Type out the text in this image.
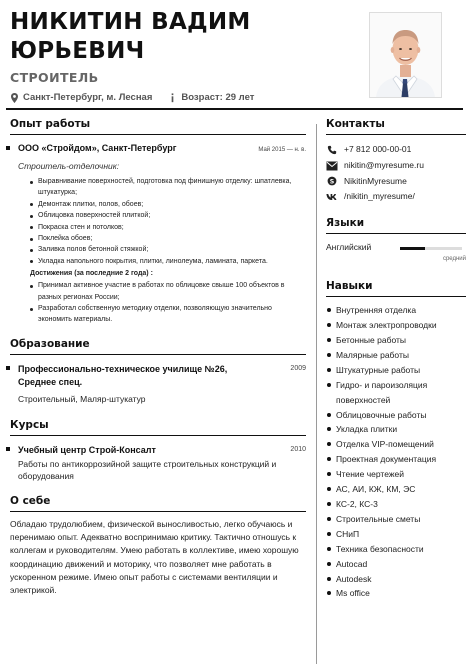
НИКИТИН ВАДИМ
ЮРЬЕВИЧ
СТРОИТЕЛЬ
Санкт-Петербург, м. Лесная	Возраст: 29 лет
Опыт работы
ООО «Стройдом», Санкт-Петербург	Май 2015 — н. в.
Строитель-отделочник:
Выравнивание поверхностей, подготовка под финишную отделку: шпатлевка, штукатурка;
Демонтаж плитки, полов, обоев;
Облицовка поверхностей плиткой;
Покраска стен и потолков;
Поклейка обоев;
Заливка полов бетонной стяжкой;
Укладка напольного покрытия, плитки, линолеума, ламината, паркета.
Достижения (за последние 2 года) :
Принимал активное участие в работах по облицовке свыше 100 объектов в разных регионах России;
Разработал собственную методику отделки, позволяющую значительно экономить материалы.
Образование
Профессионально-техническое училище №26, Среднее спец.
2009
Строительный, Маляр-штукатур
Курсы
Учебный центр Строй-Консалт	2010
Работы по антикоррозийной защите строительных конструкций и оборудования
О себе
Обладаю трудолюбием, физической выносливостью, легко обучаюсь и перенимаю опыт. Адекватно воспринимаю критику. Тактично отношусь к коллегам и руководителям. Умею работать в коллективе, имею хорошую координацию движений и моторику, что позволяет мне работать в ускоренном режиме. Имею опыт работы с системами вентиляции и электрикой.
Контакты
+7 812 000-00-01
nikitin@myresume.ru
S NikitinMyresume
/nikitin_myresume/
Языки
Английский
средний
Навыки
Внутренняя отделка
Монтаж электропроводки
Бетонные работы
Малярные работы
Штукатурные работы
Гидро- и пароизоляция поверхностей
Облицовочные работы
Укладка плитки
Отделка VIP-помещений
Проектная документация
Чтение чертежей
АС, АИ, КЖ, КМ, ЭС
КС-2, КС-3
Строительные сметы
СНиП
Техника безопасности
Autocad
Autodesk
Ms office
